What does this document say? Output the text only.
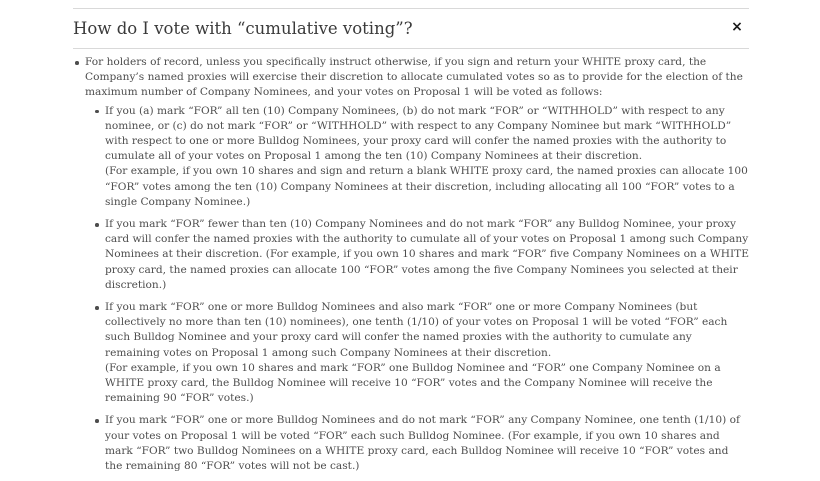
How do I vote with “cumulative voting”?	×
For holders of record, unless you specifically instruct otherwise, if you sign and return your WHITE proxy card, the Company’s named proxies will exercise their discretion to allocate cumulated votes so as to provide for the election of the maximum number of Company Nominees, and your votes on Proposal 1 will be voted as follows:
If you (a) mark “FOR” all ten (10) Company Nominees, (b) do not mark “FOR” or “WITHHOLD” with respect to any nominee, or (c) do not mark “FOR” or “WITHHOLD” with respect to any Company Nominee but mark “WITHHOLD” with respect to one or more Bulldog Nominees, your proxy card will confer the named proxies with the authority to cumulate all of your votes on Proposal 1 among the ten (10) Company Nominees at their discretion.
(For example, if you own 10 shares and sign and return a blank WHITE proxy card, the named proxies can allocate 100 “FOR” votes among the ten (10) Company Nominees at their discretion, including allocating all 100 “FOR” votes to a single Company Nominee.)
If you mark “FOR” fewer than ten (10) Company Nominees and do not mark “FOR” any Bulldog Nominee, your proxy card will confer the named proxies with the authority to cumulate all of your votes on Proposal 1 among such Company Nominees at their discretion. (For example, if you own 10 shares and mark “FOR” five Company Nominees on a WHITE proxy card, the named proxies can allocate 100 “FOR” votes among the five Company Nominees you selected at their discretion.)
If you mark “FOR” one or more Bulldog Nominees and also mark “FOR” one or more Company Nominees (but collectively no more than ten (10) nominees), one tenth (1/10) of your votes on Proposal 1 will be voted “FOR” each such Bulldog Nominee and your proxy card will confer the named proxies with the authority to cumulate any remaining votes on Proposal 1 among such Company Nominees at their discretion.
(For example, if you own 10 shares and mark “FOR” one Bulldog Nominee and “FOR” one Company Nominee on a WHITE proxy card, the Bulldog Nominee will receive 10 “FOR” votes and the Company Nominee will receive the remaining 90 “FOR” votes.)
If you mark “FOR” one or more Bulldog Nominees and do not mark “FOR” any Company Nominee, one tenth (1/10) of your votes on Proposal 1 will be voted “FOR” each such Bulldog Nominee. (For example, if you own 10 shares and mark “FOR” two Bulldog Nominees on a WHITE proxy card, each Bulldog Nominee will receive 10 “FOR” votes and the remaining 80 “FOR” votes will not be cast.)
